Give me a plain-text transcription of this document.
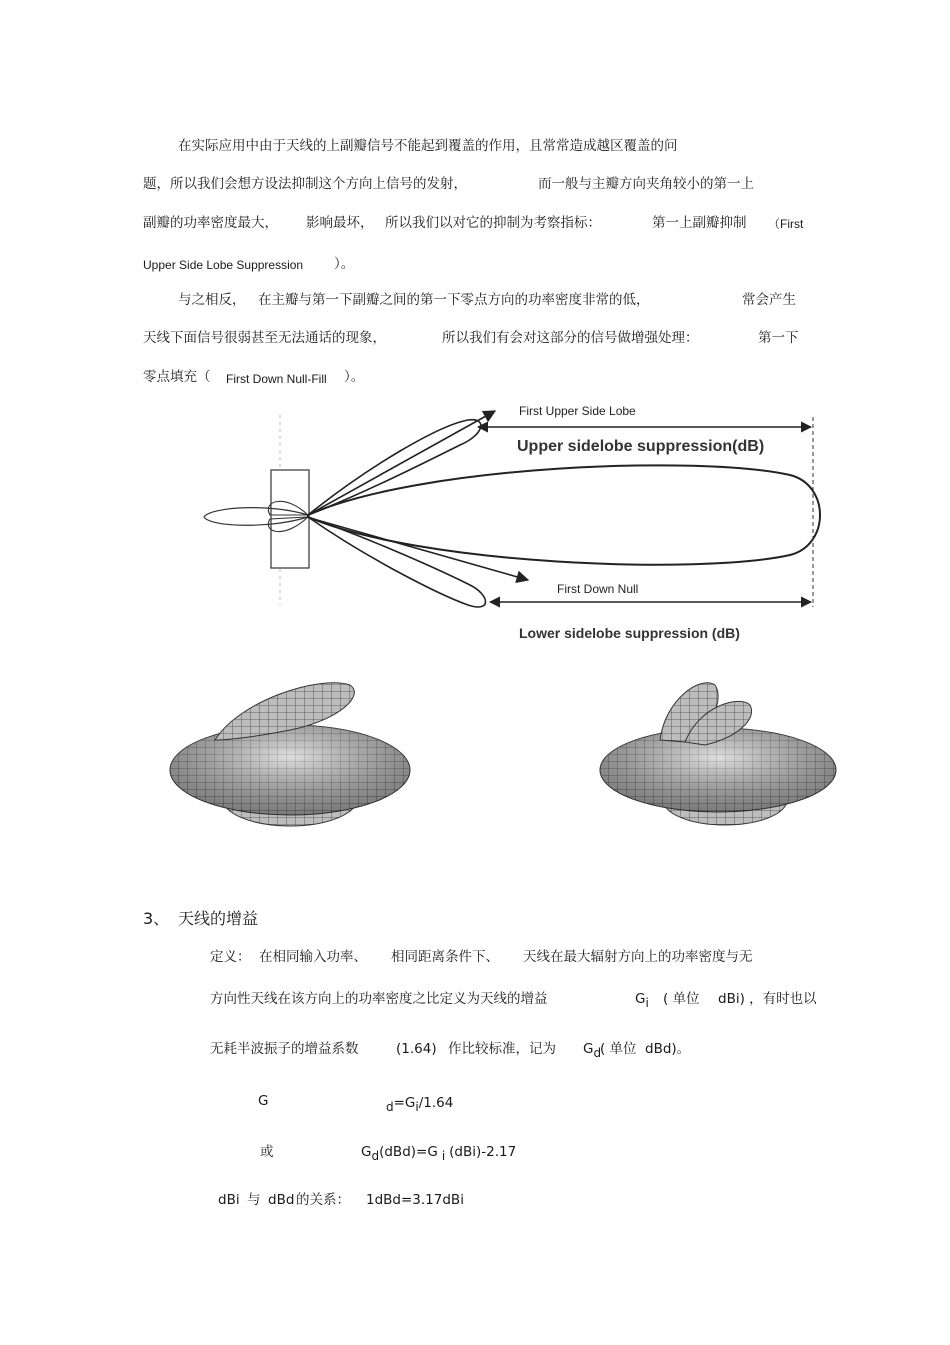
在实际应用中由于天线的上副瓣信号不能起到覆盖的作用，且常常造成越区覆盖的问
题，所以我们会想方设法抑制这个方向上信号的发射，	而一般与主瓣方向夹角较小的第一上
副瓣的功率密度最大， 影响最坏， 所以我们以对它的抑制为考察指标：	第一上副瓣抑制 （First
Upper Side Lobe Suppression ）。
与之相反， 在主瓣与第一下副瓣之间的第一下零点方向的功率密度非常的低，	常会产生
天线下面信号很弱甚至无法通话的现象，	所以我们有会对这部分的信号做增强处理：	第一下
零点填充（ First Down Null-Fill ）。
First Upper Side Lobe
Upper sidelobe suppression(dB)
First Down Null
Lower sidelobe suppression (dB)
3、 天线的增益
定义： 在相同输入功率、 相同距离条件下、 天线在最大辐射方向上的功率密度与无
方向性天线在该方向上的功率密度之比定义为天线的增益	Gi ( 单位 dBi) ，有时也以
无耗半波振子的增益系数	(1.64) 作比较标准，记为 Gd
( 单位 dBd)。
G	d=Gi/1.64
或	Gd(dBd)=G i (dBi)-2.17
dBi 与 dBd 的关系： 1dBd=3.17dBi
